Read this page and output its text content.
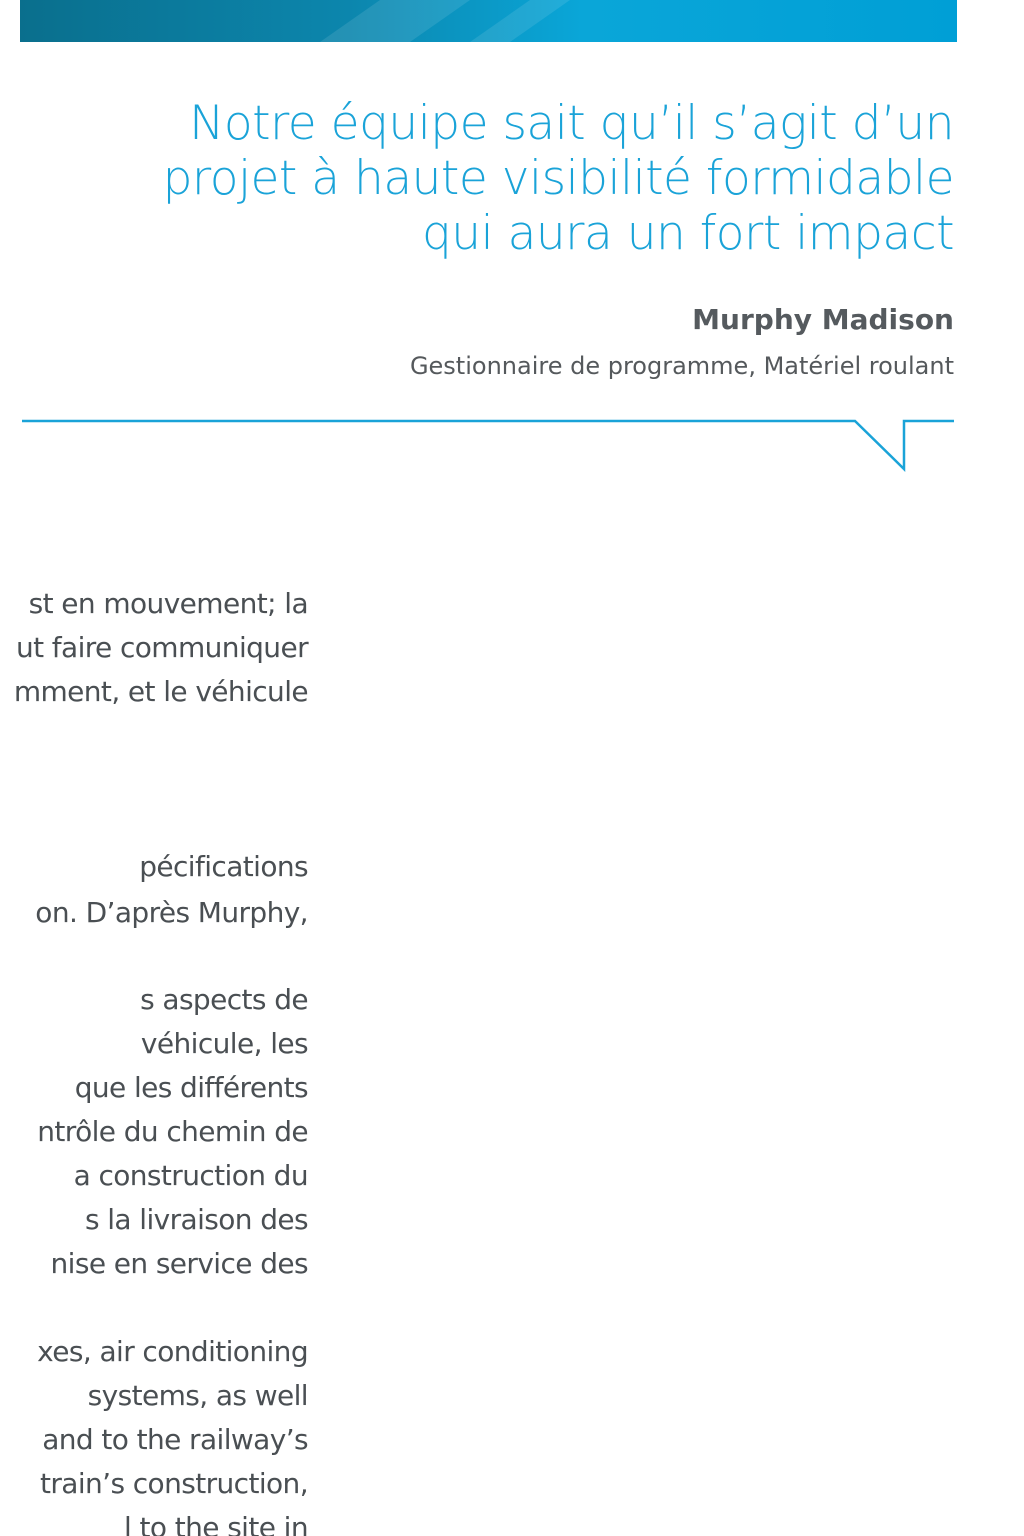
Notre équipe sait qu’il s’agit d’un
projet à haute visibilité formidable
qui aura un fort impact

Murphy Madison

Gestionnaire de programme, Matériel roulant

st en mouvement; la

ut faire communiquer

mment, et le véhicule

pécifications

on. D’après Murphy,

s aspects de

véhicule, les

que les différents

ntrôle du chemin de

a construction du

s la livraison des

nise en service des

xes, air conditioning

systems, as well

and to the railway’s

train’s construction,

l to the site in
